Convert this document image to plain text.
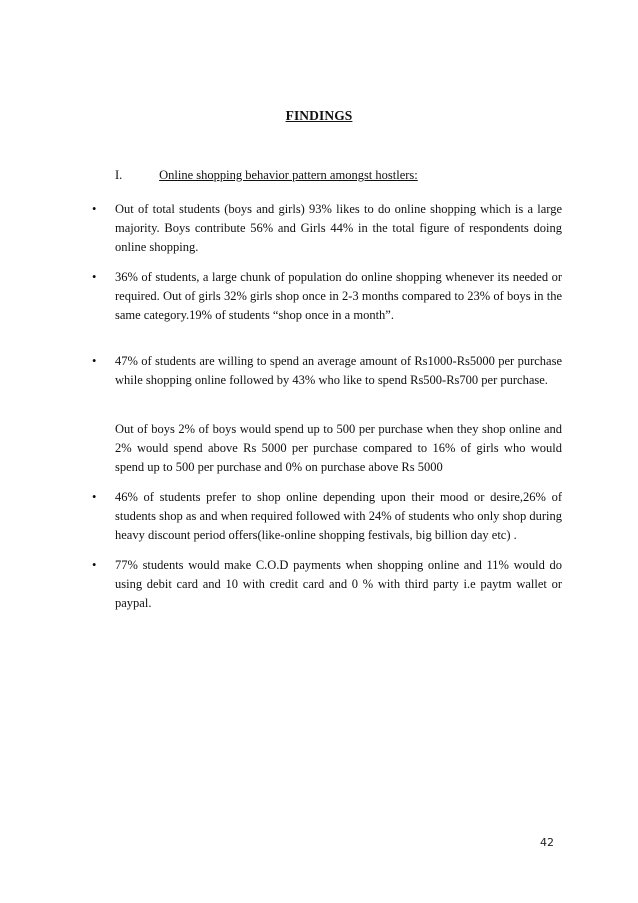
FINDINGS
I.	Online shopping behavior pattern amongst hostlers:
•	Out of total students (boys and girls) 93% likes to do online shopping which is a large majority. Boys contribute 56% and Girls 44% in the total figure of respondents doing online shopping.
•	36% of students, a large chunk of population do online shopping whenever its needed or required. Out of girls 32% girls shop once in 2-3 months compared to 23% of boys in the same category.19% of students “shop once in a month”.
•	47% of students are willing to spend an average amount of Rs1000-Rs5000 per purchase while shopping online followed by 43% who like to spend Rs500-Rs700 per purchase.
Out of boys 2% of boys would spend up to 500 per purchase when they shop online and 2% would spend above Rs 5000 per purchase compared to 16% of girls who would spend up to 500 per purchase and 0% on purchase above Rs 5000
•	46% of students prefer to shop online depending upon their mood or desire,26% of students shop as and when required followed with 24% of students who only shop during heavy discount period offers(like-online shopping festivals, big billion day etc) .
•	77% students would make C.O.D payments when shopping online and 11% would do using debit card and 10 with credit card and 0 % with third party i.e paytm wallet or paypal.
42
